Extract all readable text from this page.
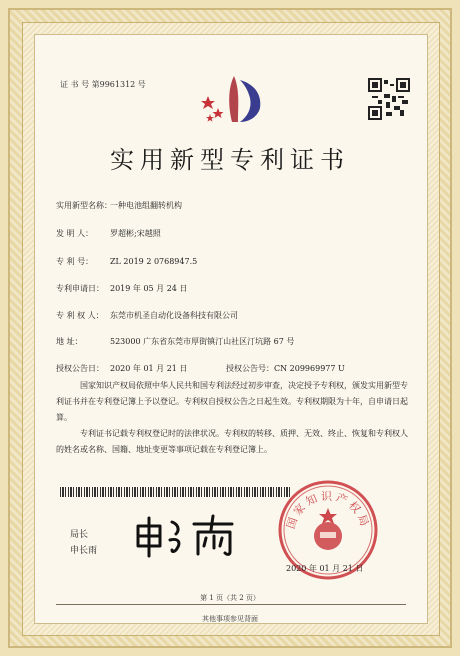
证 书 号 第9961312 号
实用新型专利证书
实用新型名称：一种电池组翻转机构
发 明 人： 罗超彬;宋越照
专 利 号： ZL 2019 2 0768947.5
专利申请日： 2019 年 05 月 24 日
专 利 权 人： 东莞市机圣自动化设备科技有限公司
地 址：	523000 广东省东莞市厚街镇汀山社区汀坑路 67 号
授权公告日： 2020 年 01 月 21 日	授权公告号：CN 209969977 U
国家知识产权局依照中华人民共和国专利法经过初步审查，决定授予专利权，颁发实用新型专利证书并在专利登记簿上予以登记。专利权自授权公告之日起生效。专利权期限为十年，自申请日起算。
专利证书记载专利权登记时的法律状况。专利权的转移、质押、无效、终止、恢复和专利权人的姓名或名称、国籍、地址变更等事项记载在专利登记簿上。
局长
申长雨
国家知识产权局
2020 年 01 月 21 日
第 1 页（共 2 页）
其他事项参见背面
